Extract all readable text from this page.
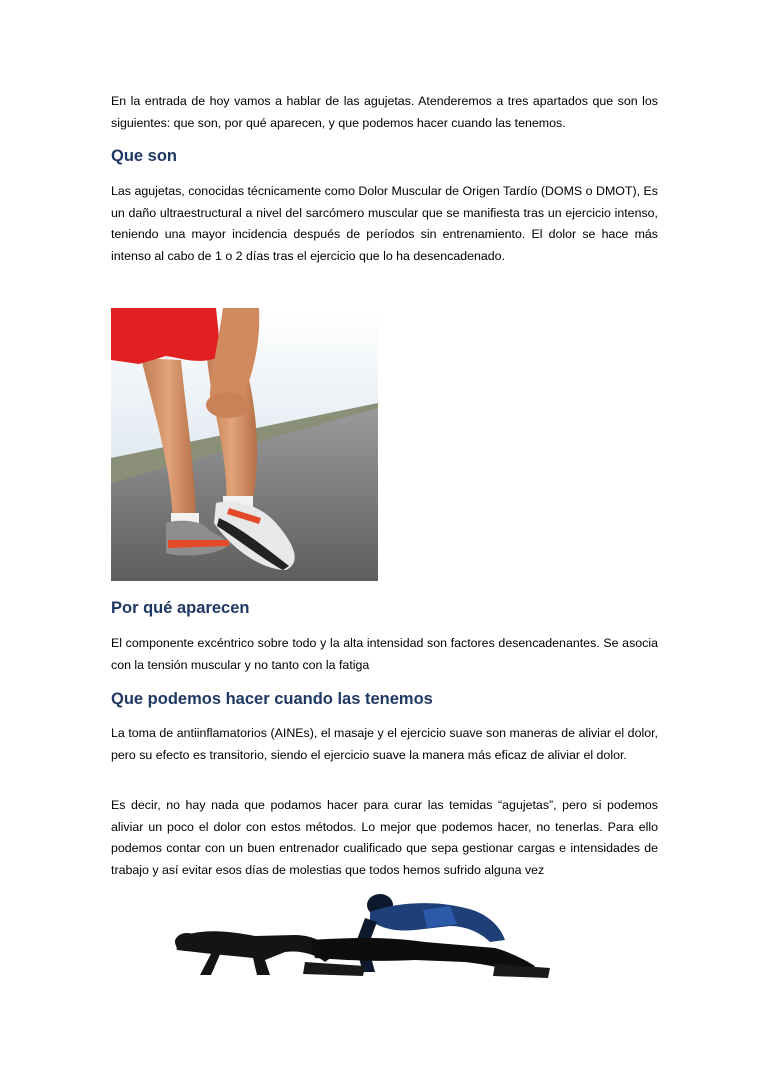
En la entrada de hoy vamos a hablar de las agujetas. Atenderemos a tres apartados que son los siguientes: que son, por qué aparecen, y que podemos hacer cuando las tenemos.

Que son

Las agujetas, conocidas técnicamente como Dolor Muscular de Origen Tardío (DOMS o DMOT), Es un daño ultraestructural a nivel del sarcómero muscular que se manifiesta tras un ejercicio intenso, teniendo una mayor incidencia después de períodos sin entrenamiento. El dolor se hace más intenso al cabo de 1 o 2 días tras el ejercicio que lo ha desencadenado.

Por qué aparecen

El componente excéntrico sobre todo y la alta intensidad son factores desencadenantes. Se asocia con la tensión muscular y no tanto con la fatiga

Que podemos hacer cuando las tenemos

La toma de antiinflamatorios (AINEs), el masaje y el ejercicio suave son maneras de aliviar el dolor, pero su efecto es transitorio, siendo el ejercicio suave la manera más eficaz de aliviar el dolor.

Es decir, no hay nada que podamos hacer para curar las temidas “agujetas”, pero si podemos aliviar un poco el dolor con estos métodos. Lo mejor que podemos hacer, no tenerlas. Para ello podemos contar con un buen entrenador cualificado que sepa gestionar cargas e intensidades de trabajo y así evitar esos días de molestias que todos hemos sufrido alguna vez
